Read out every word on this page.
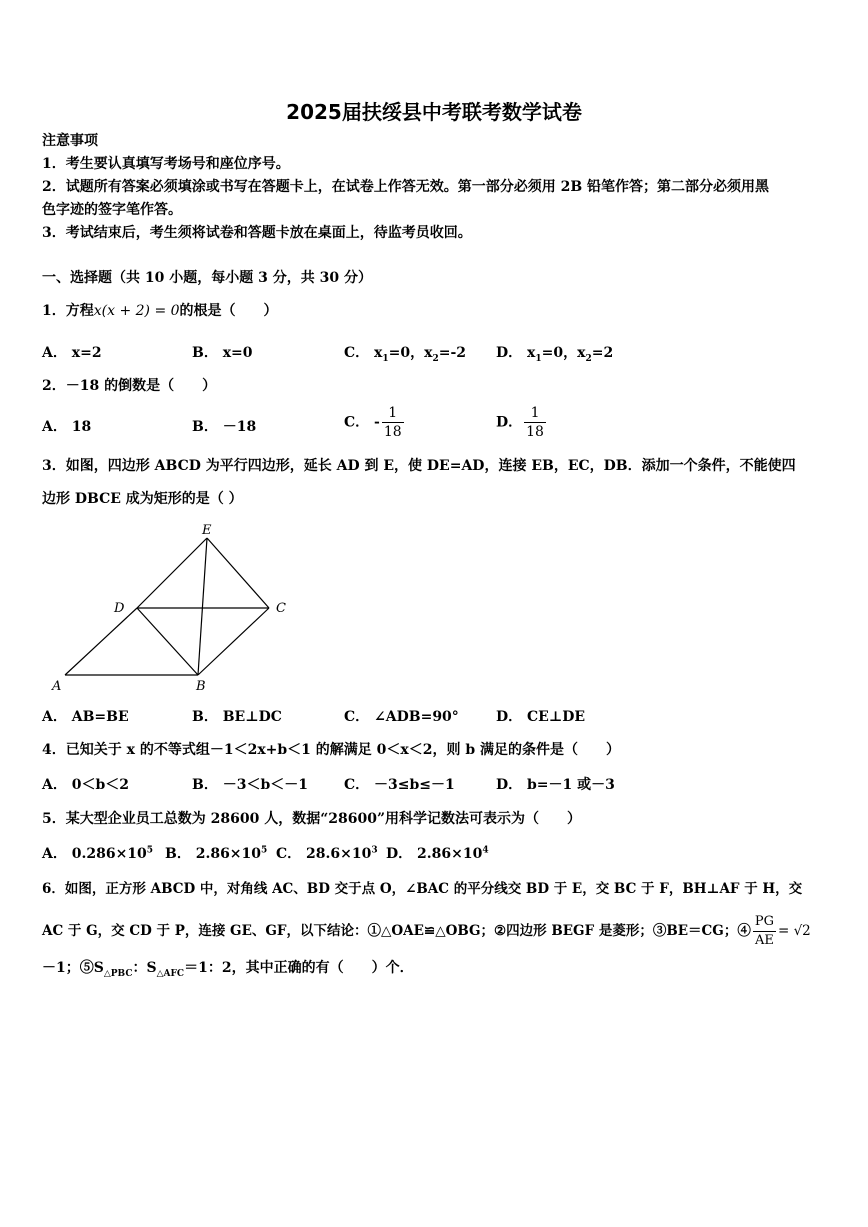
2025届扶绥县中考联考数学试卷
注意事项
1．考生要认真填写考场号和座位序号。
2．试题所有答案必须填涂或书写在答题卡上，在试卷上作答无效。第一部分必须用 2B 铅笔作答；第二部分必须用黑
色字迹的签字笔作答。
3．考试结束后，考生须将试卷和答题卡放在桌面上，待监考员收回。
一、选择题（共 10 小题，每小题 3 分，共 30 分）
1．方程x(x + 2) = 0的根是（　　）
A． x=2	B． x=0	C． $x_1=0$，$x_2=-2$ D． $x_1=0$，$x_2=2$
2．－18 的倒数是（　　）
A． 18	B． －18	C． - $\frac{1}{18}$	D． $\frac{1}{18}$
3．如图，四边形 ABCD 为平行四边形，延长 AD 到 E，使 DE=AD，连接 EB，EC，DB．添加一个条件，不能使四
边形 DBCE 成为矩形的是（ ）
E
D	C
A	B
A． AB=BE	B． BE⊥DC	C． ∠ADB=90°	D． CE⊥DE
4．已知关于 x 的不等式组－1＜2x+b＜1 的解满足 0＜x＜2，则 b 满足的条件是（　　）
A． 0＜b＜2	B． －3＜b＜－1	C． －3≤b≤－1	D． b=－1 或－3
5．某大型企业员工总数为 28600 人，数据“28600”用科学记数法可表示为（　　）
A． $0.286\times 10^5$ B． $2.86\times 10^5$ C． $28.6\times 10^3$ D． $2.86\times 10^4$
6．如图，正方形 ABCD 中，对角线 AC、BD 交于点 O，∠BAC 的平分线交 BD 于 E，交 BC 于 F，BH⊥AF 于 H，交
AC 于 G，交 CD 于 P，连接 GE、GF，以下结论：①△OAE≌△OBG；②四边形 BEGF 是菱形；③BE＝CG；④ $\frac{PG}{AE} = √2$
－1；$⑤S_{\triangle PBC}$：$S_{\triangle AFC}=1$：2，其中正确的有（　　）个．
